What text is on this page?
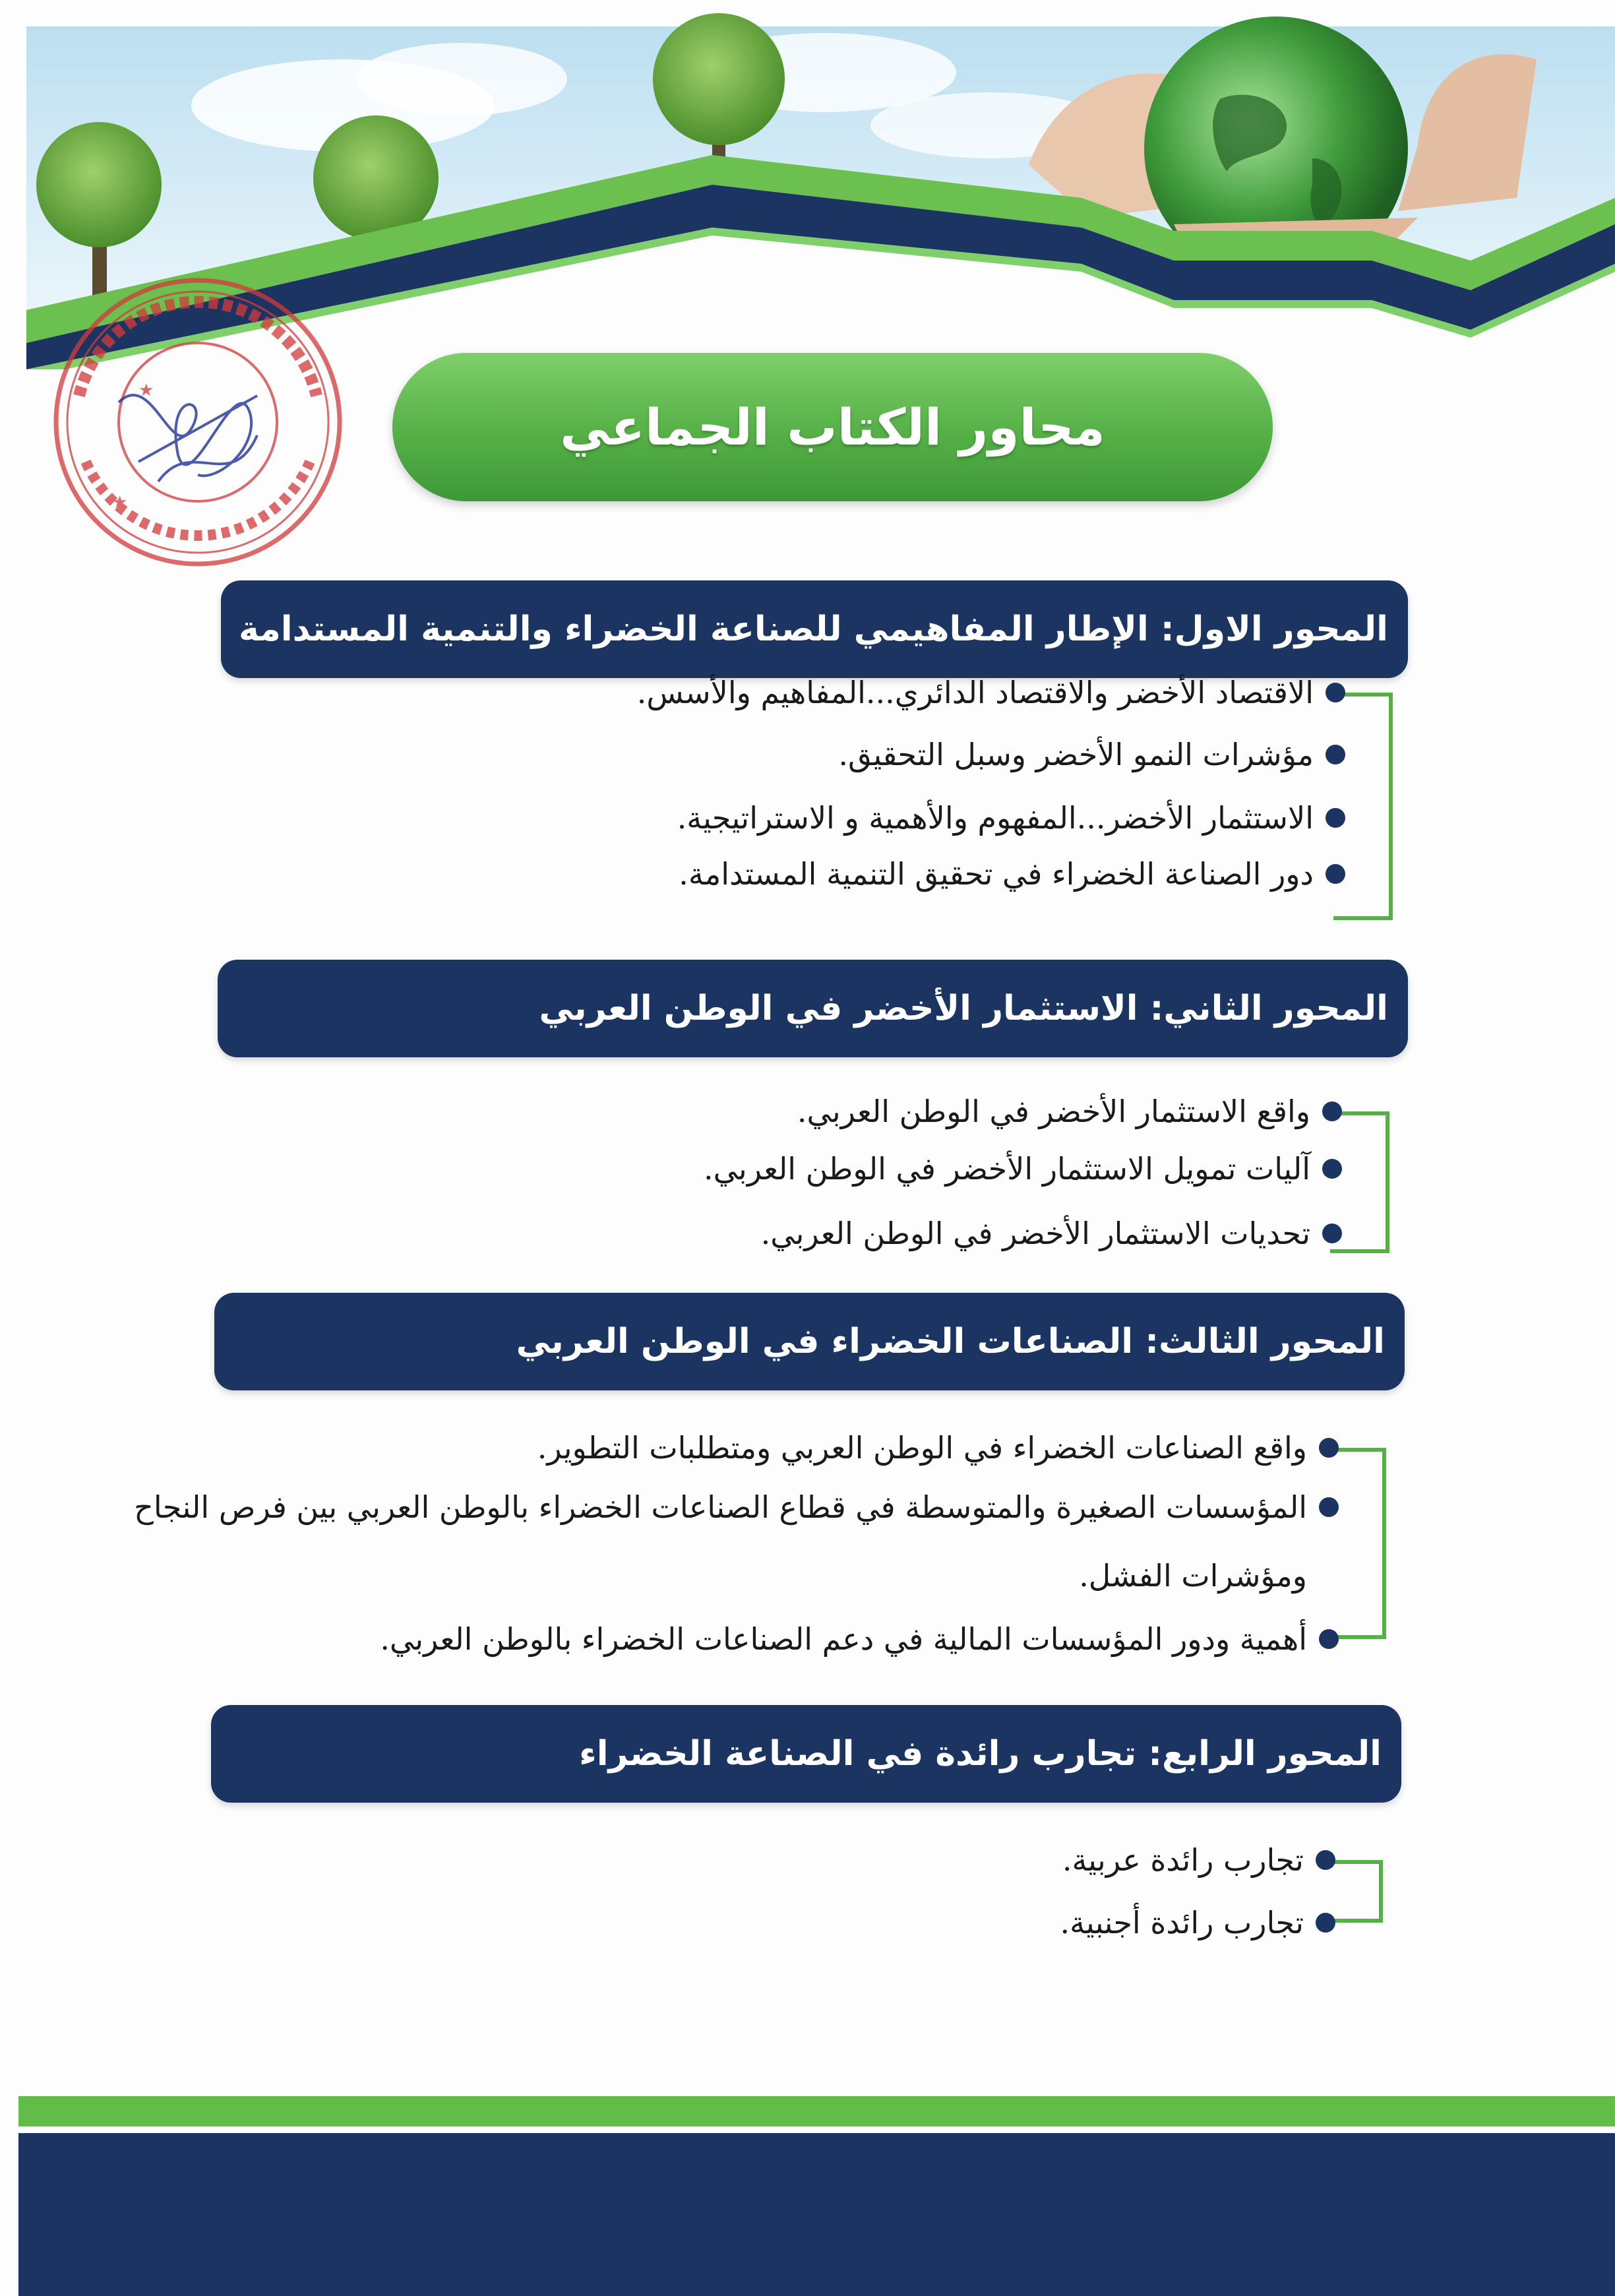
★
★
محاور الكتاب الجماعي
المحور الاول: الإطار المفاهيمي للصناعة الخضراء والتنمية المستدامة
الاقتصاد الأخضر والاقتصاد الدائري...المفاهيم والأسس.
مؤشرات النمو الأخضر وسبل التحقيق.
الاستثمار الأخضر...المفهوم والأهمية و الاستراتيجية.
دور الصناعة الخضراء في تحقيق التنمية المستدامة.
المحور الثاني: الاستثمار الأخضر في الوطن العربي
واقع الاستثمار الأخضر في الوطن العربي.
آليات تمويل الاستثمار الأخضر في الوطن العربي.
تحديات الاستثمار الأخضر في الوطن العربي.
المحور الثالث: الصناعات الخضراء في الوطن العربي
واقع الصناعات الخضراء في الوطن العربي ومتطلبات التطوير.
المؤسسات الصغيرة والمتوسطة في قطاع الصناعات الخضراء بالوطن العربي بين فرص النجاح ومؤشرات الفشل.
أهمية ودور المؤسسات المالية في دعم الصناعات الخضراء بالوطن العربي.
المحور الرابع: تجارب رائدة في الصناعة الخضراء
تجارب رائدة عربية.
تجارب رائدة أجنبية.
